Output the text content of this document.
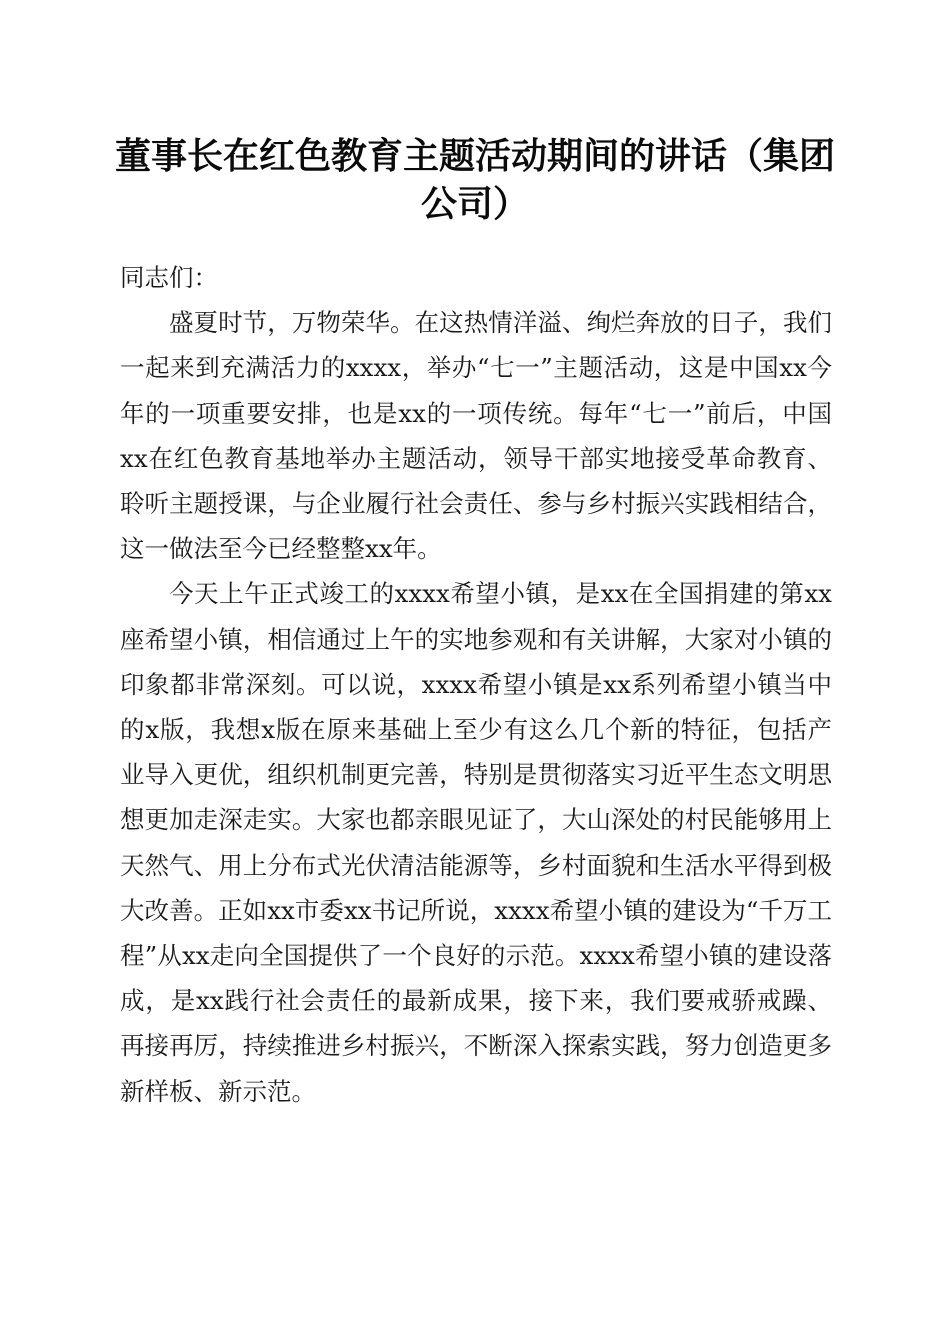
董事长在红色教育主题活动期间的讲话（集团公司）

同志们：

盛夏时节，万物荣华。在这热情洋溢、绚烂奔放的日子，我们一起来到充满活力的xxxx，举办“七一”主题活动，这是中国xx今年的一项重要安排，也是xx的一项传统。每年“七一”前后，中国xx在红色教育基地举办主题活动，领导干部实地接受革命教育、聆听主题授课，与企业履行社会责任、参与乡村振兴实践相结合，这一做法至今已经整整xx年。

今天上午正式竣工的xxxx希望小镇，是xx在全国捐建的第xx座希望小镇，相信通过上午的实地参观和有关讲解，大家对小镇的印象都非常深刻。可以说，xxxx希望小镇是xx系列希望小镇当中的x版，我想x版在原来基础上至少有这么几个新的特征，包括产业导入更优，组织机制更完善，特别是贯彻落实习近平生态文明思想更加走深走实。大家也都亲眼见证了，大山深处的村民能够用上天然气、用上分布式光伏清洁能源等，乡村面貌和生活水平得到极大改善。正如xx市委xx书记所说，xxxx希望小镇的建设为“千万工程”从xx走向全国提供了一个良好的示范。xxxx希望小镇的建设落成，是xx践行社会责任的最新成果，接下来，我们要戒骄戒躁、再接再厉，持续推进乡村振兴，不断深入探索实践，努力创造更多新样板、新示范。
